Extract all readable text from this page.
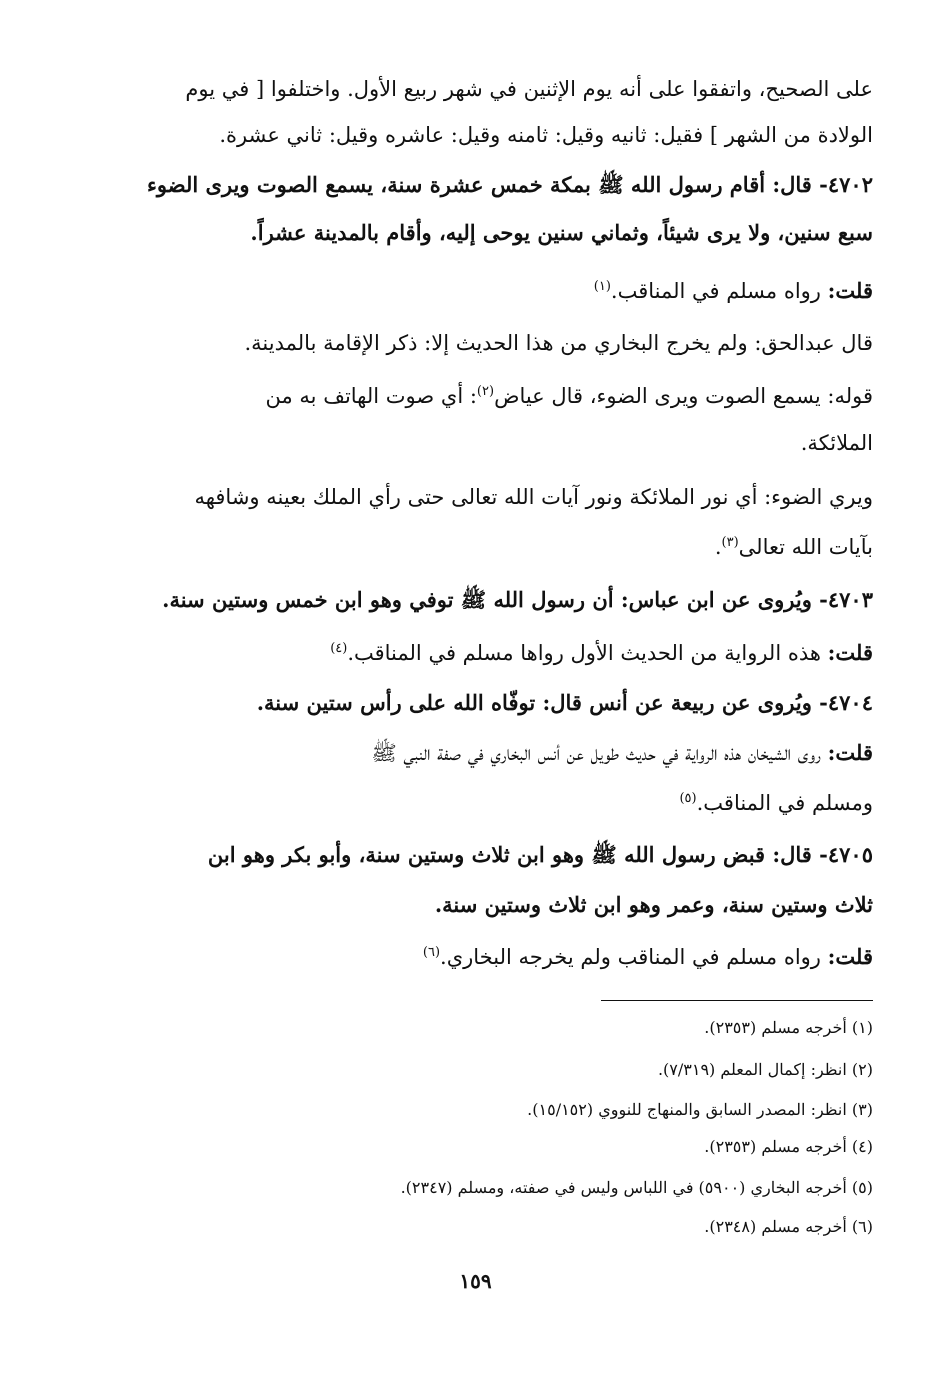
على الصحيح، واتفقوا على أنه يوم الإثنين في شهر ربيع الأول. واختلفوا [ في يوم
الولادة من الشهر ] فقيل: ثانيه وقيل: ثامنه وقيل: عاشره وقيل: ثاني عشرة.
٤٧٠٢- قال: أقام رسول الله ﷺ بمكة خمس عشرة سنة، يسمع الصوت ويرى الضوء
سبع سنين، ولا يرى شيئاً، وثماني سنين يوحى إليه، وأقام بالمدينة عشراً.
قلت: رواه مسلم في المناقب.$^{(١)}$
قال عبدالحق: ولم يخرج البخاري من هذا الحديث إلا: ذكر الإقامة بالمدينة.
قوله: يسمع الصوت ويرى الضوء، قال عياض$^{(٢)}$: أي صوت الهاتف به من
الملائكة.
ويري الضوء: أي نور الملائكة ونور آيات الله تعالى حتى رأي الملك بعينه وشافهه
بآيات الله تعالى$^{(٣)}$.
٤٧٠٣- ويُروى عن ابن عباس: أن رسول الله ﷺ توفي وهو ابن خمس وستين سنة.
قلت: هذه الرواية من الحديث الأول رواها مسلم في المناقب.$^{(٤)}$
٤٧٠٤- ويُروى عن ربيعة عن أنس قال: توفّاه الله على رأس ستين سنة.
قلت: روى الشيخان هذه الرواية في حديث طويل عن أنس البخاري في صفة النبي ﷺ
ومسلم في المناقب.$^{(٥)}$
٤٧٠٥- قال: قبض رسول الله ﷺ وهو ابن ثلاث وستين سنة، وأبو بكر وهو ابن
ثلاث وستين سنة، وعمر وهو ابن ثلاث وستين سنة.
قلت: رواه مسلم في المناقب ولم يخرجه البخاري.$^{(٦)}$
(١) أخرجه مسلم (٢٣٥٣).
(٢) انظر: إكمال المعلم (٧/٣١٩).
(٣) انظر: المصدر السابق والمنهاج للنووي (١٥/١٥٢).
(٤) أخرجه مسلم (٢٣٥٣).
(٥) أخرجه البخاري (٥٩٠٠) في اللباس وليس في صفته، ومسلم (٢٣٤٧).
(٦) أخرجه مسلم (٢٣٤٨).
١٥٩
